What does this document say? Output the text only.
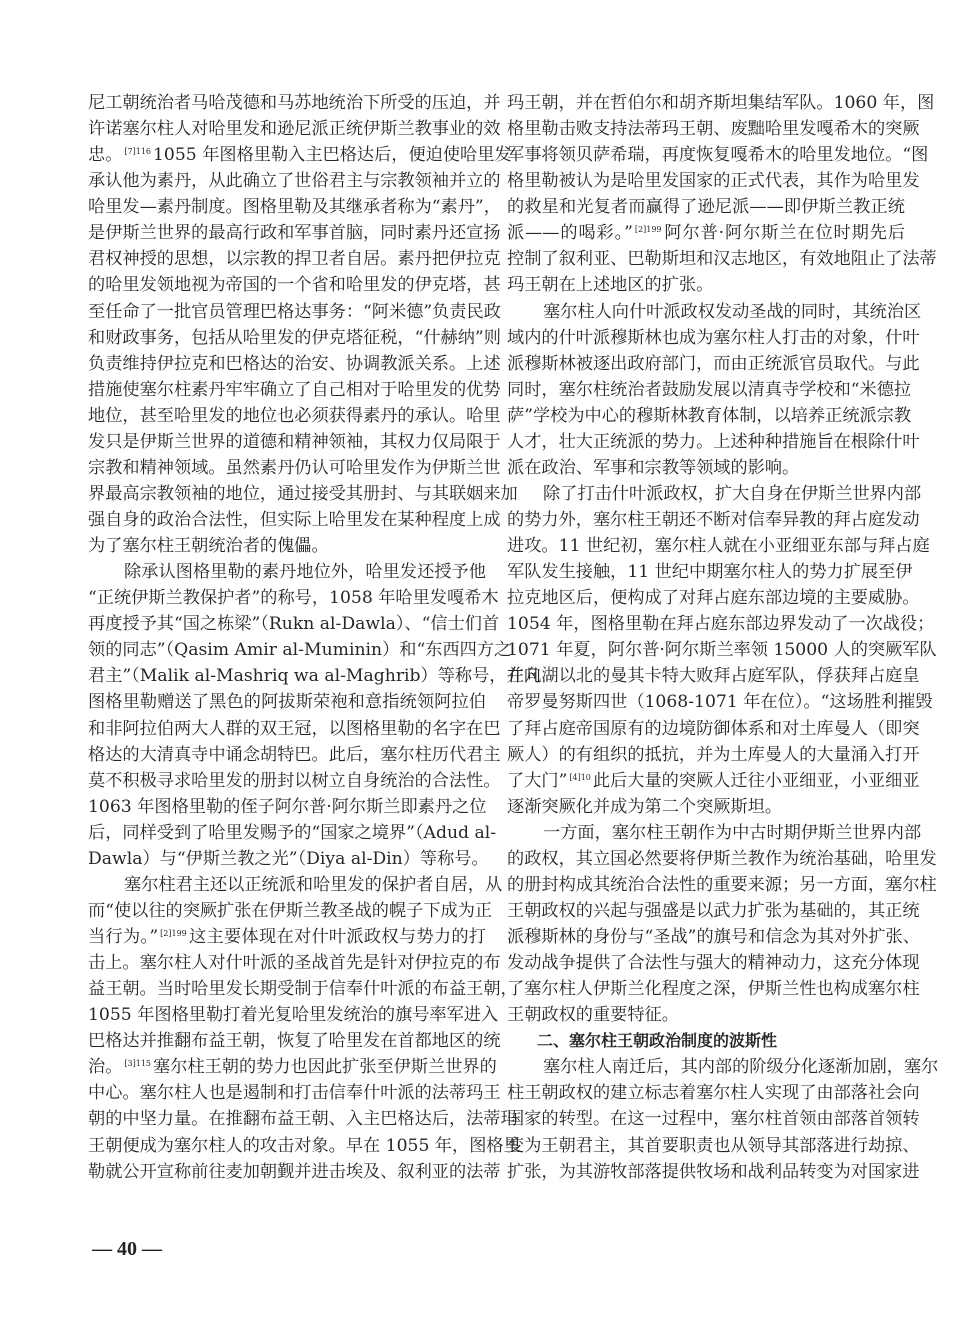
尼工朝统治者马哈茂德和马苏地统治下所受的压迫，并
许诺塞尔柱人对哈里发和逊尼派正统伊斯兰教事业的效
忠。 $^{[7]116}$ 1055 年图格里勒入主巴格达后，便迫使哈里发
承认他为素丹，从此确立了世俗君主与宗教领袖并立的
哈里发—素丹制度。图格里勒及其继承者称为“素丹”，
是伊斯兰世界的最高行政和军事首脑，同时素丹还宣扬
君权神授的思想，以宗教的捍卫者自居。素丹把伊拉克
的哈里发领地视为帝国的一个省和哈里发的伊克塔，甚
至任命了一批官员管理巴格达事务：“阿米德”负责民政
和财政事务，包括从哈里发的伊克塔征税，“什赫纳”则
负责维持伊拉克和巴格达的治安、协调教派关系。上述
措施使塞尔柱素丹牢牢确立了自己相对于哈里发的优势
地位，甚至哈里发的地位也必须获得素丹的承认。哈里
发只是伊斯兰世界的道德和精神领袖，其权力仅局限于
宗教和精神领域。虽然素丹仍认可哈里发作为伊斯兰世
界最高宗教领袖的地位，通过接受其册封、与其联姻来加
强自身的政治合法性，但实际上哈里发在某种程度上成
为了塞尔柱王朝统治者的傀儡。
除承认图格里勒的素丹地位外，哈里发还授予他
“正统伊斯兰教保护者”的称号，1058 年哈里发嘎希木
再度授予其“国之栋梁”（Rukn al-Dawla）、“信士们首
领的同志”（Qasim Amir al-Muminin）和“东西四方之
君主”（Malik al-Mashriq wa al-Maghrib）等称号，并向
图格里勒赠送了黑色的阿拔斯荣袍和意指统领阿拉伯
和非阿拉伯两大人群的双王冠，以图格里勒的名字在巴
格达的大清真寺中诵念胡特巴。此后，塞尔柱历代君主
莫不积极寻求哈里发的册封以树立自身统治的合法性。
1063 年图格里勒的侄子阿尔普·阿尔斯兰即素丹之位
后，同样受到了哈里发赐予的“国家之境界”（Adud al-
Dawla）与“伊斯兰教之光”（Diya al-Din）等称号。
塞尔柱君主还以正统派和哈里发的保护者自居，从
而“使以往的突厥扩张在伊斯兰教圣战的幌子下成为正
当行为。” $^{[2]199}$ 这主要体现在对什叶派政权与势力的打
击上。塞尔柱人对什叶派的圣战首先是针对伊拉克的布
益王朝。当时哈里发长期受制于信奉什叶派的布益王朝，
1055 年图格里勒打着光复哈里发统治的旗号率军进入
巴格达并推翻布益王朝，恢复了哈里发在首都地区的统
治。 $^{[3]115}$ 塞尔柱王朝的势力也因此扩张至伊斯兰世界的
中心。塞尔柱人也是遏制和打击信奉什叶派的法蒂玛王
朝的中坚力量。在推翻布益王朝、入主巴格达后，法蒂玛
王朝便成为塞尔柱人的攻击对象。早在 1055 年，图格里
勒就公开宣称前往麦加朝觐并进击埃及、叙利亚的法蒂
玛王朝，并在哲伯尔和胡齐斯坦集结军队。1060 年，图
格里勒击败支持法蒂玛王朝、废黜哈里发嘎希木的突厥
军事将领贝萨希瑞，再度恢复嘎希木的哈里发地位。“图
格里勒被认为是哈里发国家的正式代表，其作为哈里发
的救星和光复者而赢得了逊尼派——即伊斯兰教正统
派——的喝彩。” $^{[2]199}$ 阿尔普·阿尔斯兰在位时期先后
控制了叙利亚、巴勒斯坦和汉志地区，有效地阻止了法蒂
玛王朝在上述地区的扩张。
塞尔柱人向什叶派政权发动圣战的同时，其统治区
域内的什叶派穆斯林也成为塞尔柱人打击的对象，什叶
派穆斯林被逐出政府部门，而由正统派官员取代。与此
同时，塞尔柱统治者鼓励发展以清真寺学校和“米德拉
萨”学校为中心的穆斯林教育体制，以培养正统派宗教
人才，壮大正统派的势力。上述种种措施旨在根除什叶
派在政治、军事和宗教等领域的影响。
除了打击什叶派政权，扩大自身在伊斯兰世界内部
的势力外，塞尔柱王朝还不断对信奉异教的拜占庭发动
进攻。11 世纪初，塞尔柱人就在小亚细亚东部与拜占庭
军队发生接触，11 世纪中期塞尔柱人的势力扩展至伊
拉克地区后，便构成了对拜占庭东部边境的主要威胁。
1054 年，图格里勒在拜占庭东部边界发动了一次战役；
1071 年夏，阿尔普·阿尔斯兰率领 15000 人的突厥军队
在凡湖以北的曼其卡特大败拜占庭军队，俘获拜占庭皇
帝罗曼努斯四世（1068-1071 年在位）。“这场胜利摧毁
了拜占庭帝国原有的边境防御体系和对土库曼人（即突
厥人）的有组织的抵抗，并为土库曼人的大量涌入打开
了大门” $^{[4]10}$ 此后大量的突厥人迁往小亚细亚，小亚细亚
逐渐突厥化并成为第二个突厥斯坦。
一方面，塞尔柱王朝作为中古时期伊斯兰世界内部
的政权，其立国必然要将伊斯兰教作为统治基础，哈里发
的册封构成其统治合法性的重要来源；另一方面，塞尔柱
王朝政权的兴起与强盛是以武力扩张为基础的，其正统
派穆斯林的身份与“圣战”的旗号和信念为其对外扩张、
发动战争提供了合法性与强大的精神动力，这充分体现
了塞尔柱人伊斯兰化程度之深，伊斯兰性也构成塞尔柱
王朝政权的重要特征。
二、塞尔柱王朝政治制度的波斯性
塞尔柱人南迁后，其内部的阶级分化逐渐加剧，塞尔
柱王朝政权的建立标志着塞尔柱人实现了由部落社会向
国家的转型。在这一过程中，塞尔柱首领由部落首领转
变为王朝君主，其首要职责也从领导其部落进行劫掠、
扩张，为其游牧部落提供牧场和战利品转变为对国家进
— 40 —
